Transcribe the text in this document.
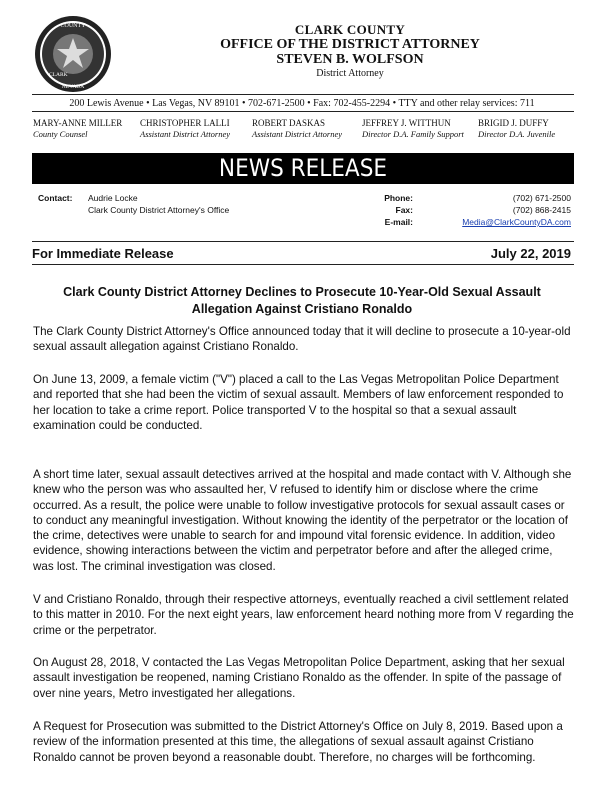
COUNTY
CLARK
NEVADA
CLARK COUNTY
OFFICE OF THE DISTRICT ATTORNEY
STEVEN B. WOLFSON
District Attorney
200 Lewis Avenue • Las Vegas, NV 89101 • 702-671-2500 • Fax: 702-455-2294 • TTY and other relay services: 711
MARY-ANNE MILLER
County Counsel
CHRISTOPHER LALLI
Assistant District Attorney
ROBERT DASKAS
Assistant District Attorney
JEFFREY J. WITTHUN
Director D.A. Family Support
BRIGID J. DUFFY
Director D.A. Juvenile
NEWS RELEASE
Contact: Audrie Locke
Clark County District Attorney's Office
Phone:
Fax:
E-mail:
(702) 671-2500
(702) 868-2415
Media@ClarkCountyDA.com
For Immediate Release	July 22, 2019
Clark County District Attorney Declines to Prosecute 10-Year-Old Sexual Assault Allegation Against Cristiano Ronaldo

The Clark County District Attorney's Office announced today that it will decline to prosecute a 10-year-old sexual assault allegation against Cristiano Ronaldo.

On June 13, 2009, a female victim ("V") placed a call to the Las Vegas Metropolitan Police Department and reported that she had been the victim of sexual assault. Members of law enforcement responded to her location to take a crime report. Police transported V to the hospital so that a sexual assault examination could be conducted.

A short time later, sexual assault detectives arrived at the hospital and made contact with V. Although she knew who the person was who assaulted her, V refused to identify him or disclose where the crime occurred. As a result, the police were unable to follow investigative protocols for sexual assault cases or to conduct any meaningful investigation. Without knowing the identity of the perpetrator or the location of the crime, detectives were unable to search for and impound vital forensic evidence. In addition, video evidence, showing interactions between the victim and perpetrator before and after the alleged crime, was lost. The criminal investigation was closed.

V and Cristiano Ronaldo, through their respective attorneys, eventually reached a civil settlement related to this matter in 2010. For the next eight years, law enforcement heard nothing more from V regarding the crime or the perpetrator.

On August 28, 2018, V contacted the Las Vegas Metropolitan Police Department, asking that her sexual assault investigation be reopened, naming Cristiano Ronaldo as the offender. In spite of the passage of over nine years, Metro investigated her allegations.

A Request for Prosecution was submitted to the District Attorney's Office on July 8, 2019. Based upon a review of the information presented at this time, the allegations of sexual assault against Cristiano Ronaldo cannot be proven beyond a reasonable doubt. Therefore, no charges will be forthcoming.
